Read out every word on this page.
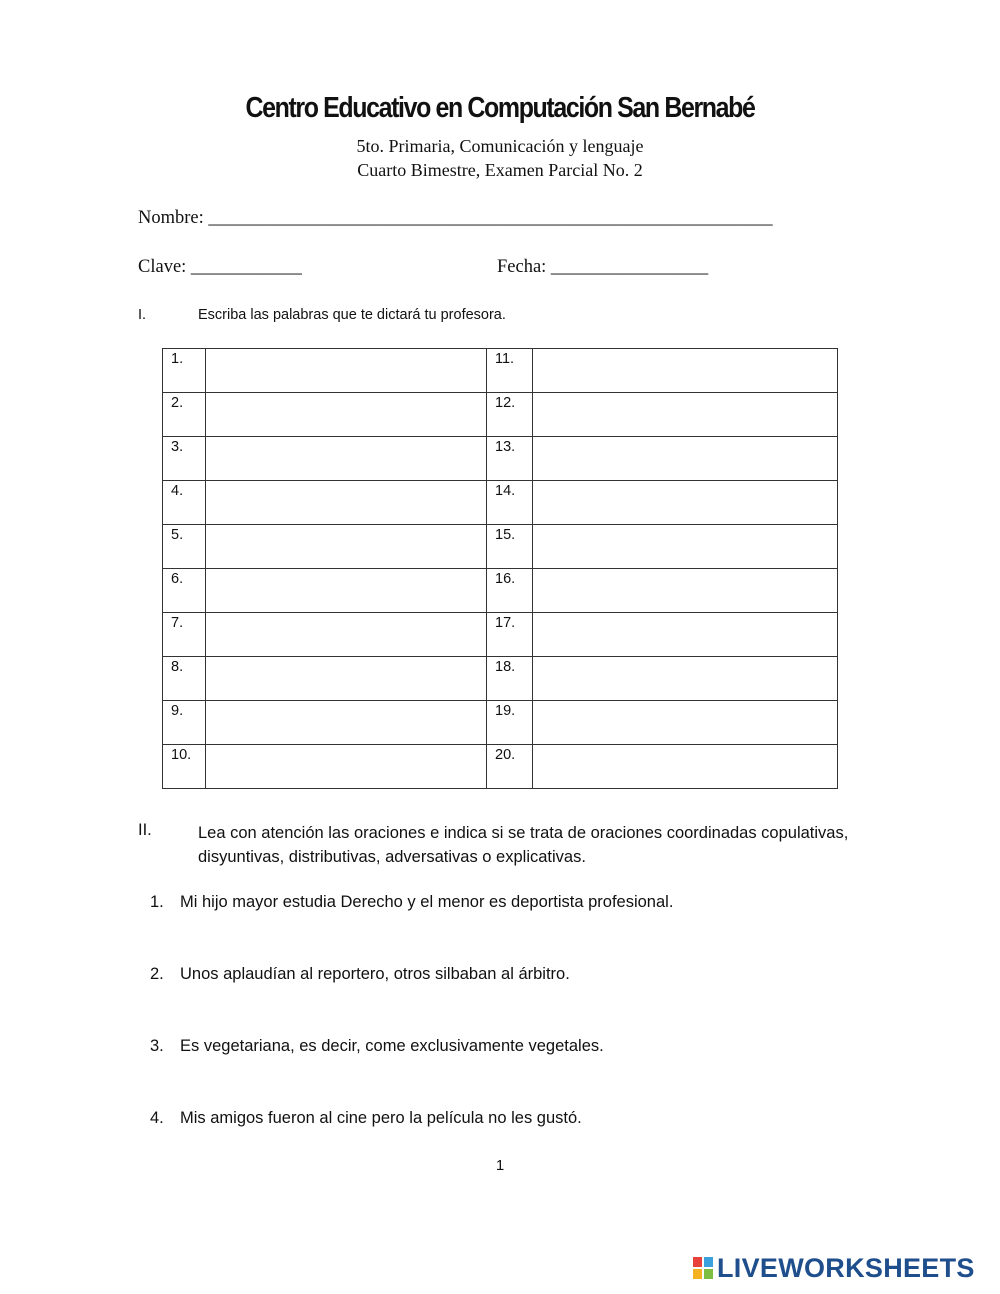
Centro Educativo en Computación San Bernabé
5to. Primaria, Comunicación y lenguaje
Cuarto Bimestre, Examen Parcial No. 2
Nombre: _____________________________________________________________
Clave: ____________	Fecha: _________________
I.	Escriba las palabras que te dictará tu profesora.
1.		11.	
2.		12.	
3.		13.	
4.		14.	
5.		15.	
6.		16.	
7.		17.	
8.		18.	
9.		19.	
10.		20.	
II.	Lea con atención las oraciones e indica si se trata de oraciones coordinadas copulativas, disyuntivas, distributivas, adversativas o explicativas.
1. Mi hijo mayor estudia Derecho y el menor es deportista profesional.
2. Unos aplaudían al reportero, otros silbaban al árbitro.
3. Es vegetariana, es decir, come exclusivamente vegetales.
4. Mis amigos fueron al cine pero la película no les gustó.
1
LIVEWORKSHEETS
